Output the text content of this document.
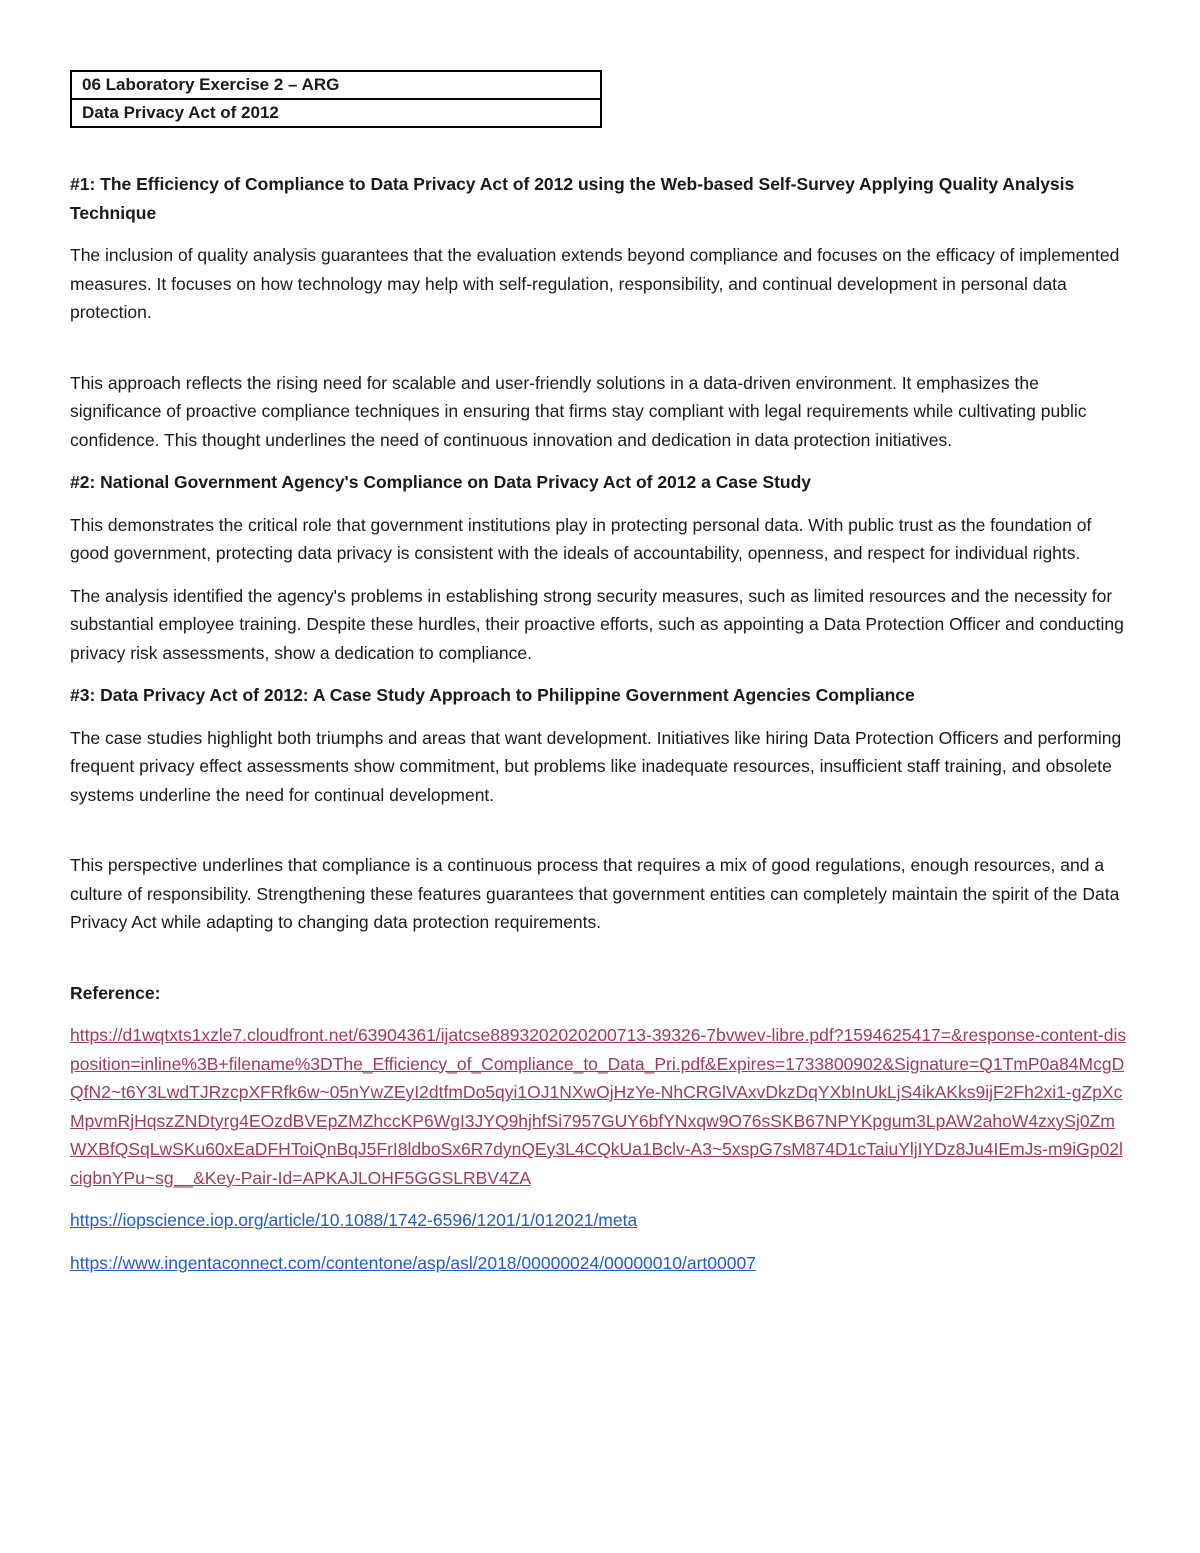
06 Laboratory Exercise 2 – ARG
Data Privacy Act of 2012
#1: The Efficiency of Compliance to Data Privacy Act of 2012 using the Web-based Self-Survey Applying Quality Analysis Technique

The inclusion of quality analysis guarantees that the evaluation extends beyond compliance and focuses on the efficacy of implemented measures. It focuses on how technology may help with self-regulation, responsibility, and continual development in personal data protection.

This approach reflects the rising need for scalable and user-friendly solutions in a data-driven environment. It emphasizes the significance of proactive compliance techniques in ensuring that firms stay compliant with legal requirements while cultivating public confidence. This thought underlines the need of continuous innovation and dedication in data protection initiatives.

#2: National Government Agency's Compliance on Data Privacy Act of 2012 a Case Study

This demonstrates the critical role that government institutions play in protecting personal data. With public trust as the foundation of good government, protecting data privacy is consistent with the ideals of accountability, openness, and respect for individual rights.

The analysis identified the agency's problems in establishing strong security measures, such as limited resources and the necessity for substantial employee training. Despite these hurdles, their proactive efforts, such as appointing a Data Protection Officer and conducting privacy risk assessments, show a dedication to compliance.

#3: Data Privacy Act of 2012: A Case Study Approach to Philippine Government Agencies Compliance

The case studies highlight both triumphs and areas that want development. Initiatives like hiring Data Protection Officers and performing frequent privacy effect assessments show commitment, but problems like inadequate resources, insufficient staff training, and obsolete systems underline the need for continual development.

This perspective underlines that compliance is a continuous process that requires a mix of good regulations, enough resources, and a culture of responsibility. Strengthening these features guarantees that government entities can completely maintain the spirit of the Data Privacy Act while adapting to changing data protection requirements.

Reference:
https://d1wqtxts1xzle7.cloudfront.net/63904361/ijatcse8893202020200713-39326-7bvwev-libre.pdf?1594625417=&response-content-disposition=inline%3B+filename%3DThe_Efficiency_of_Compliance_to_Data_Pri.pdf&Expires=1733800902&Signature=Q1TmP0a84McgDQfN2~t6Y3LwdTJRzcpXFRfk6w~05nYwZEyI2dtfmDo5qyi1OJ1NXwOjHzYe-NhCRGlVAxvDkzDqYXbInUkLjS4ikAKks9ijF2Fh2xi1-gZpXcMpvmRjHqszZNDtyrg4EOzdBVEpZMZhccKP6WgI3JYQ9hjhfSi7957GUY6bfYNxqw9O76sSKB67NPYKpgum3LpAW2ahoW4zxySj0ZmWXBfQSqLwSKu60xEaDFHToiQnBqJ5FrI8ldboSx6R7dynQEy3L4CQkUa1Bclv-A3~5xspG7sM874D1cTaiuYljIYDz8Ju4IEmJs-m9iGp02lcigbnYPu~sg__&Key-Pair-Id=APKAJLOHF5GGSLRBV4ZA
https://iopscience.iop.org/article/10.1088/1742-6596/1201/1/012021/meta
https://www.ingentaconnect.com/contentone/asp/asl/2018/00000024/00000010/art00007
